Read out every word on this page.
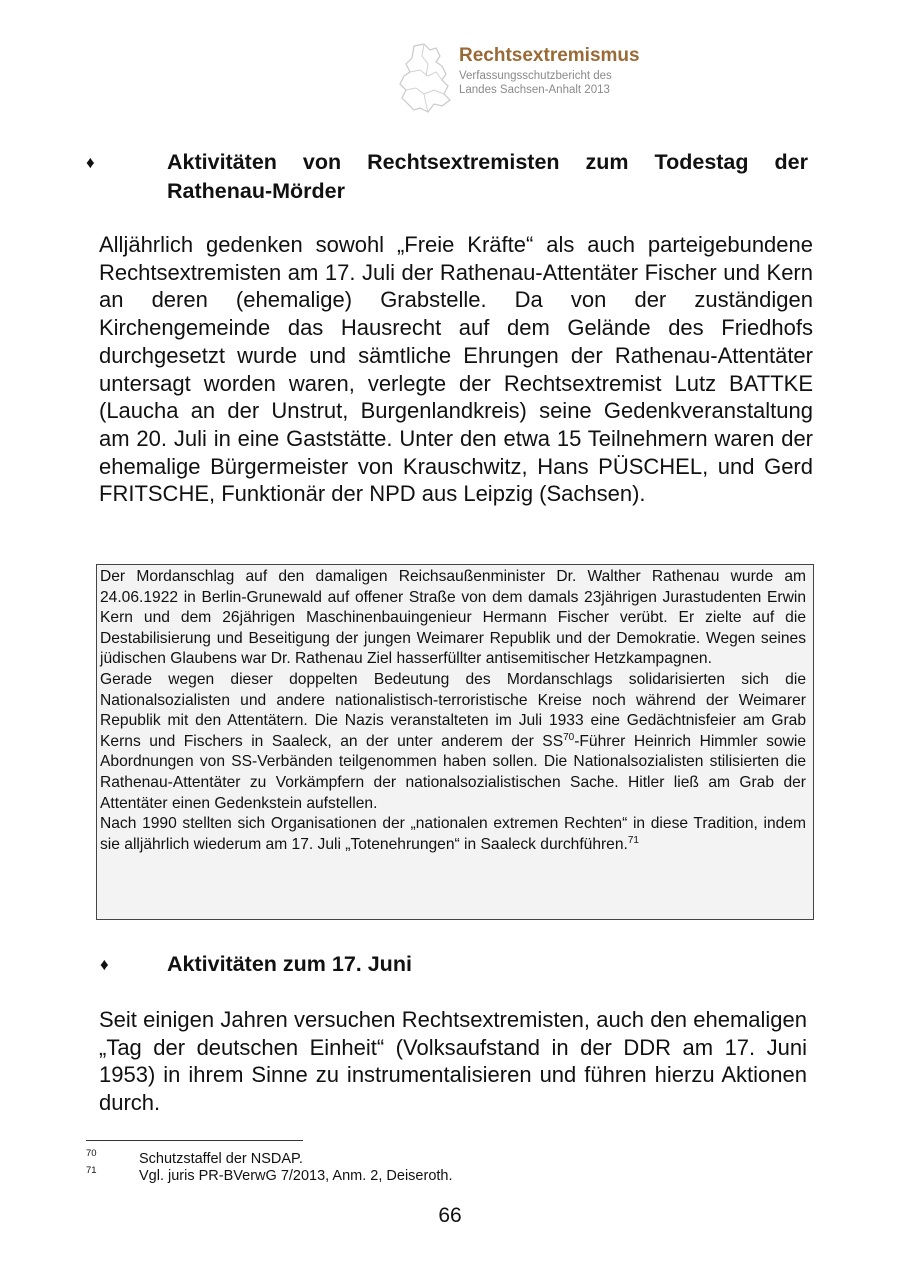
Rechtsextremismus
Verfassungsschutzbericht des
Landes Sachsen-Anhalt 2013
♦	Aktivitäten von Rechtsextremisten zum Todestag der Rathenau-Mörder
Alljährlich gedenken sowohl „Freie Kräfte“ als auch parteigebundene Rechtsextremisten am 17. Juli der Rathenau-Attentäter Fischer und Kern an deren (ehemalige) Grabstelle. Da von der zuständigen Kirchengemeinde das Hausrecht auf dem Gelände des Friedhofs durchgesetzt wurde und sämtliche Ehrungen der Rathenau-Attentäter untersagt worden waren, verlegte der Rechtsextremist Lutz BATTKE (Laucha an der Unstrut, Burgenlandkreis) seine Gedenkveranstaltung am 20. Juli in eine Gaststätte. Unter den etwa 15 Teilnehmern waren der ehemalige Bürgermeister von Krauschwitz, Hans PÜSCHEL, und Gerd FRITSCHE, Funktionär der NPD aus Leipzig (Sachsen).

Der Mordanschlag auf den damaligen Reichsaußenminister Dr. Walther Rathenau wurde am 24.06.1922 in Berlin-Grunewald auf offener Straße von dem damals 23jährigen Jurastudenten Erwin Kern und dem 26jährigen Maschinenbauingenieur Hermann Fischer verübt. Er zielte auf die Destabilisierung und Beseitigung der jungen Weimarer Republik und der Demokratie. Wegen seines jüdischen Glaubens war Dr. Rathenau Ziel hasserfüllter antisemitischer Hetzkampagnen.

Gerade wegen dieser doppelten Bedeutung des Mordanschlags solidarisierten sich die Nationalsozialisten und andere nationalistisch-terroristische Kreise noch während der Weimarer Republik mit den Attentätern. Die Nazis veranstalteten im Juli 1933 eine Gedächtnisfeier am Grab Kerns und Fischers in Saaleck, an der unter anderem der SS$^{70}$-Führer Heinrich Himmler sowie Abordnungen von SS-Verbänden teilgenommen haben sollen. Die Nationalsozialisten stilisierten die Rathenau-Attentäter zu Vorkämpfern der nationalsozialistischen Sache. Hitler ließ am Grab der Attentäter einen Gedenkstein aufstellen.

Nach 1990 stellten sich Organisationen der „nationalen extremen Rechten“ in diese Tradition, indem sie alljährlich wiederum am 17. Juli „Totenehrungen“ in Saaleck durchführen.$^{71}$

♦	Aktivitäten zum 17. Juni
Seit einigen Jahren versuchen Rechtsextremisten, auch den ehemaligen „Tag der deutschen Einheit“ (Volksaufstand in der DDR am 17. Juni 1953) in ihrem Sinne zu instrumentalisieren und führen hierzu Aktionen durch.
70	Schutzstaffel der NSDAP.
71	Vgl. juris PR-BVerwG 7/2013, Anm. 2, Deiseroth.
66
